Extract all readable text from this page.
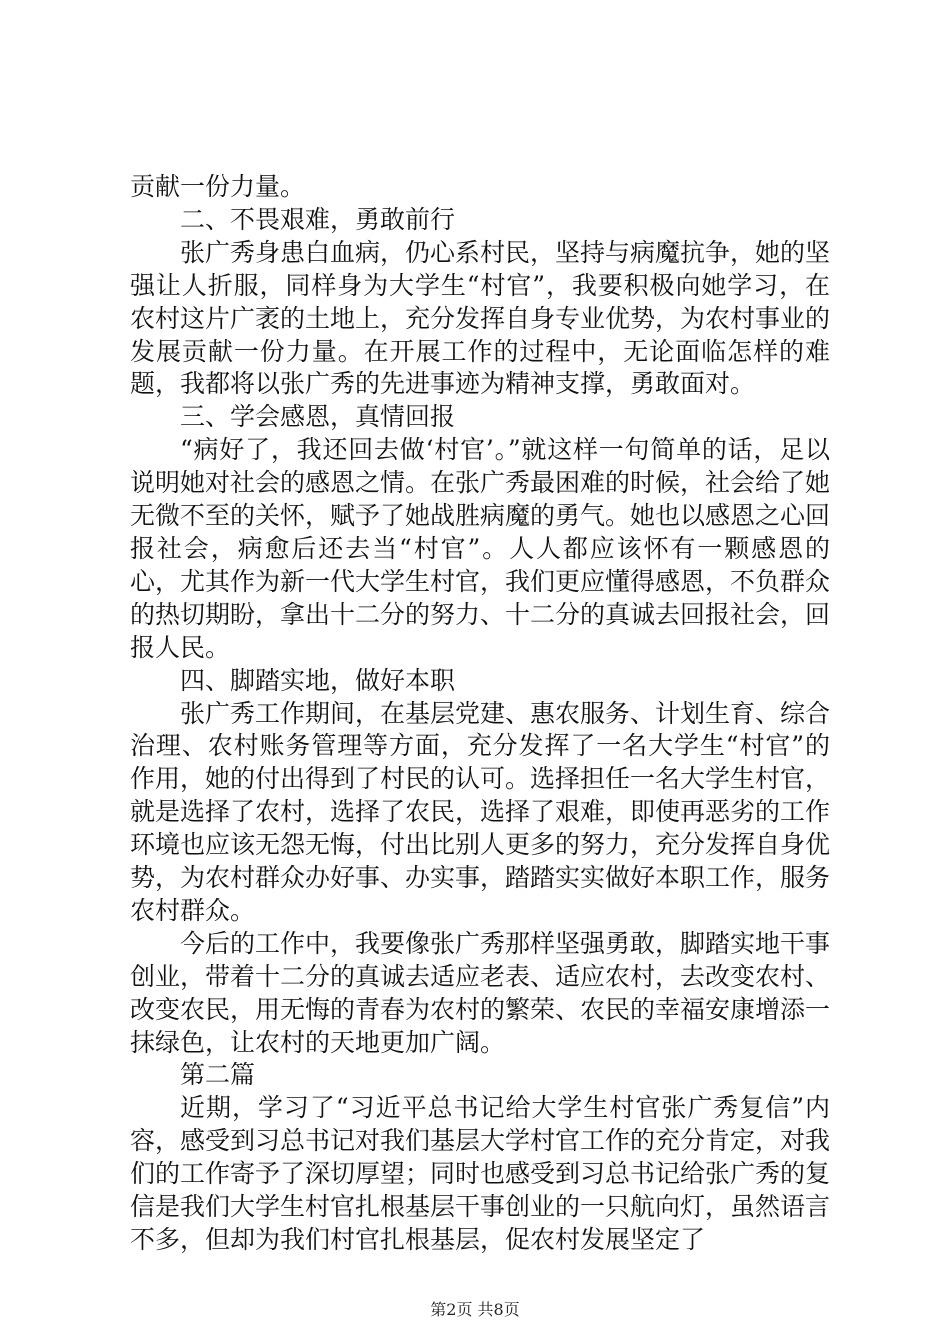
贡献一份力量。

二、不畏艰难，勇敢前行

张广秀身患白血病，仍心系村民，坚持与病魔抗争，她的坚强让人折服，同样身为大学生“村官”，我要积极向她学习，在农村这片广袤的土地上，充分发挥自身专业优势，为农村事业的发展贡献一份力量。在开展工作的过程中，无论面临怎样的难题，我都将以张广秀的先进事迹为精神支撑，勇敢面对。

三、学会感恩，真情回报

“病好了，我还回去做‘村官’。”就这样一句简单的话，足以说明她对社会的感恩之情。在张广秀最困难的时候，社会给了她无微不至的关怀，赋予了她战胜病魔的勇气。她也以感恩之心回报社会，病愈后还去当“村官”。人人都应该怀有一颗感恩的心，尤其作为新一代大学生村官，我们更应懂得感恩，不负群众的热切期盼，拿出十二分的努力、十二分的真诚去回报社会，回报人民。

四、脚踏实地，做好本职

张广秀工作期间，在基层党建、惠农服务、计划生育、综合治理、农村账务管理等方面，充分发挥了一名大学生“村官”的作用，她的付出得到了村民的认可。选择担任一名大学生村官，就是选择了农村，选择了农民，选择了艰难，即使再恶劣的工作环境也应该无怨无悔，付出比别人更多的努力，充分发挥自身优势，为农村群众办好事、办实事，踏踏实实做好本职工作，服务农村群众。

今后的工作中，我要像张广秀那样坚强勇敢，脚踏实地干事创业，带着十二分的真诚去适应老表、适应农村，去改变农村、改变农民，用无悔的青春为农村的繁荣、农民的幸福安康增添一抹绿色，让农村的天地更加广阔。

第二篇

近期，学习了“习近平总书记给大学生村官张广秀复信”内容，感受到习总书记对我们基层大学村官工作的充分肯定，对我们的工作寄予了深切厚望；同时也感受到习总书记给张广秀的复信是我们大学生村官扎根基层干事创业的一只航向灯，虽然语言不多，但却为我们村官扎根基层，促农村发展坚定了

第2页 共8页
